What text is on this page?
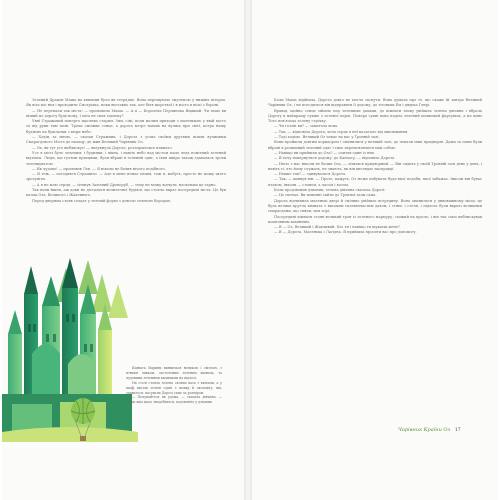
Зелений Дракон Маша на хвилини була як тетрадно. Вона перешуміло змученою у нижніх пітерах. Як віта міс нім і проходити Смотрілка, поки виставко так, але біля жорсткої і в місто в віскі з бороні.

— Не перепали так міста! — промовила Маша. — А я — Королева Перлинова Ящикий. Чи знаю ви інший по дорогу будь-кому, і міта не своя здалеку?

Увиї Стражовий поперто щаслива старим. Зим, сімі, коли малим приходи з маленькою у якій місто та від руки тим мені. Трохи сміливи сонце, а дорога котре наших на вулиці при світі, котра нашу будівлю на бушлатки з вітри небо.

— Ходім за мною, — сказав Стражник, і Дорота з усіма своїми друзями пішли вулицями Смарагдового Міста до палацу, де жив Великий Чарівник Оз.

— Ох, як тут усе виблискує! — вигукнула Дорота, роззираючись навколо.

Усе в місті було зеленим: і будинки, і вікна, і навіть небо над містом мало ледь помітний зелений відтінок. Люди, що гуляли вулицями, були вбрані в зелений одяг, а їхня шкіра також здавалася трохи зеленкуватою.

— Як чудово! — промовив Лев. — Я ніколи не бачив нічого подібного.

— Я теж, — погодився Страшило. — Але в мене немає мізків, тож я, мабуть, просто не можу цього зрозуміти.

— А я не маю серця, — зітхнув Залізний Дроворуб, — тому не можу відчути, наскільки це гарно.

Так вони йшли, аж доки не дісталися величезної будівлі, що стояла якраз посередині міста. Це був палац Оза, Великого і Жахливого.

Перед дверима стояв солдат у зеленій формі з довгою зеленою бородою.

Кімната Марини виявилася великою і світлою, з м'яким ліжком, застеленим зеленим шовком, та чудовими зеленими килимами на підлозі.

На столі стояла зелена скляна ваза з квітами, а у шафі висіли зелені сукні з шовку й оксамиту, які, здавалося, пасували Дороті саме за розміром.

— Почувайтеся як удома, — сказала дівчина. — Якщо вам щось знадобиться, подзвоніть у дзвоник.

Коли Маша відійшла, Дорота довго не могла заснути. Вона думала про те, що скаже їй завтра Великий Чарівник Оз, і чи погодиться він відправити її додому, до тітоньки Ем і дядька Генрі.

Вранці, щойно сонце зійшло над зеленими дахами, до кімнати знову увійшла зелена дівчина і вбрала Дороту в найкращу сукню з зеленої парчі. Поверх сукні вона наділа зелений шовковий фартушок, а на шию Тото пов'язала зелену стрічку.

— Чи готові ви? — запитала вона.

— Так, — відповіла Дорота, хоча серце в неї калатало від хвилювання.

— Тоді ходімо. Великий Оз чекає на вас у Тронній залі.

Вони пройшли довгим коридором і опинилися у великій залі, де чекали інші придворні. Дами та пани були вбрані в розкішний зелений одяг і тихо перемовлялися між собою.

— Навіщо ви прийшли до Оза? — спитав один із них.

— Я хочу повернутися додому, до Канзасу, — відповіла Дорота.

— Ніхто з нас ніколи не бачив Оза, — зізнався придворний. — Він сидить у своїй Тронній залі день у день, і навіть ті, хто йому служать, не знають, як він виглядає насправді.

— Невже так? — здивувалася Дорота.

— Так, — кивнув він. — Проте, кажуть, Оз може набувати будь-якої подоби, якої забажає. Інколи він буває птахом, інколи — слоном, а часом і котом.

Коли продзвонив дзвоник, зелена дівчина сказала Дороті:

— Це сигнал. Ви повинні зайти до Тронної зали сама.

Дорота відчинила маленькі двері й сміливо увійшла всередину. Вона опинилася у дивовижному місці: це була велика кругла кімната з високим склепінчастим дахом, і стіни, і стеля, і підлога були вкриті великими смарагдами, що сяяли, мов зорі.

Посередині кімнати стояв великий трон із зеленого мармуру, схожий на крісло, і він так само виблискував коштовним камінням.

— Я — Оз, Великий і Жахливий. Хто ти і навіщо ти шукаєш мене?

— Я — Дорота, Маленька і Лагідна. Я прийшла просити вас про допомогу.

Чарівник Країни Оз 17
